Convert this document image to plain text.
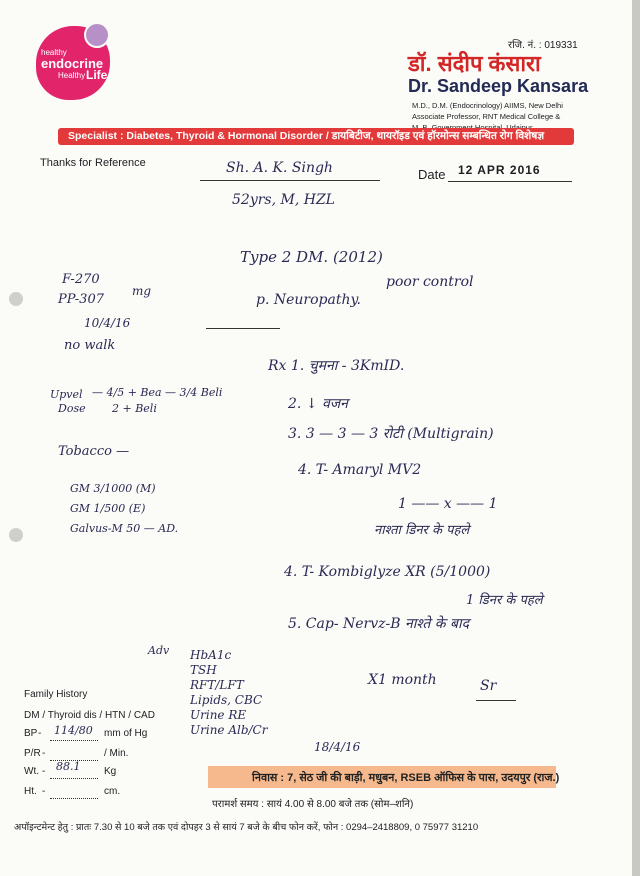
healthy
endocrine
Healthy Life
रजि. नं. : 019331
डॉ. संदीप कंसारा
Dr. Sandeep Kansara
M.D., D.M. (Endocrinology) AIIMS, New Delhi
Associate Professor, RNT Medical College &
Specialist : Diabetes, Thyroid & Hormonal Disorder / डायबिटीज, थायरॉइड एवं हॉरमोन्स सम्बन्धित रोग विशेषज्ञ
Thanks for Reference	Sh. A. K. Singh	Date 12 APR 2016
52yrs, M, HZL
Type 2 DM. (2012)
poor control
p. Neuropathy.
F-270
PP-307
mg
10/4/16
no walk
Upvel
Dose
— 4/5 + Bea — 3/4 Beli
2 + Beli
Tobacco —
GM 3/1000 (M)
GM 1/500 (E)
Galvus-M 50 — AD.
Rx 1. चुमना - 3KmID.
2. ↓ वजन
3. 3 — 3 — 3 रोटी (Multigrain)
4. T- Amaryl MV2
1 —— x —— 1
नाश्ता डिनर के पहले
4. T- Kombiglyze XR (5/1000)
1 डिनर के पहले
5. Cap- Nervz-B नाश्ते के बाद
X1 month	Sr
Adv HbA1c
TSH
RFT/LFT
Lipids, CBC
Urine RE
Urine Alb/Cr
18/4/16
Family History
DM / Thyroid dis / HTN / CAD
BP - 114/80 mm of Hg
P/R -	/ Min.
Wt. - 88.1 Kg
Ht. -	cm.
निवास : 7, सेठ जी की बाड़ी, मधुबन, RSEB ऑफिस के पास, उदयपुर (राज.)
परामर्श समय : सायं 4.00 से 8.00 बजे तक (सोम–शनि)
अपॉइन्टमेन्ट हेतु : प्रातः 7.30 से 10 बजे तक एवं दोपहर 3 से सायं 7 बजे के बीच फोन करें, फोन : 0294–2418809, 0 75977 31210
